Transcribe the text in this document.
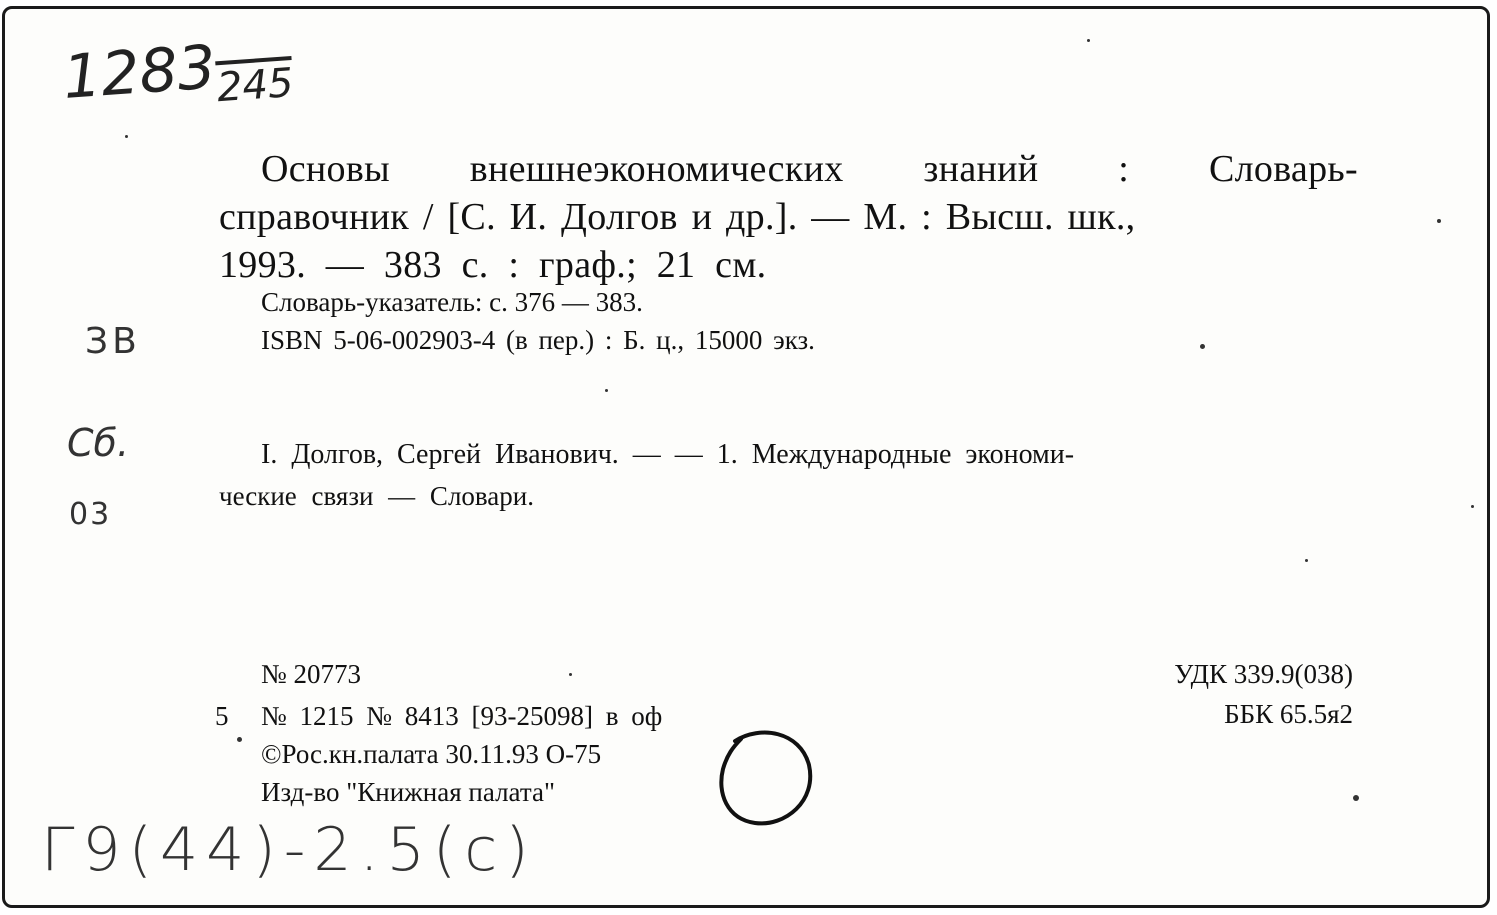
$1283_{245}$
Основы внешнеэкономических знаний : Словарь-
справочник / [С. И. Долгов и др.]. — М. : Высш. шк.,
1993. — 383 с. : граф.; 21 см.
Словарь-указатель: с. 376 — 383.
ISBN 5-06-002903-4 (в пер.) : Б. ц., 15000 экз.
I. Долгов, Сергей Иванович. — — 1. Международные экономи-
ческие связи — Словари.
№ 20773
5 № 1215 № 8413 [93-25098] в оф
©Рос.кн.палата 30.11.93 О-75
Изд-во "Книжная палата"
УДК 339.9(038)
ББК 65.5я2
ЗВ
Сб.
03
Г9(44)-2.5(с)
